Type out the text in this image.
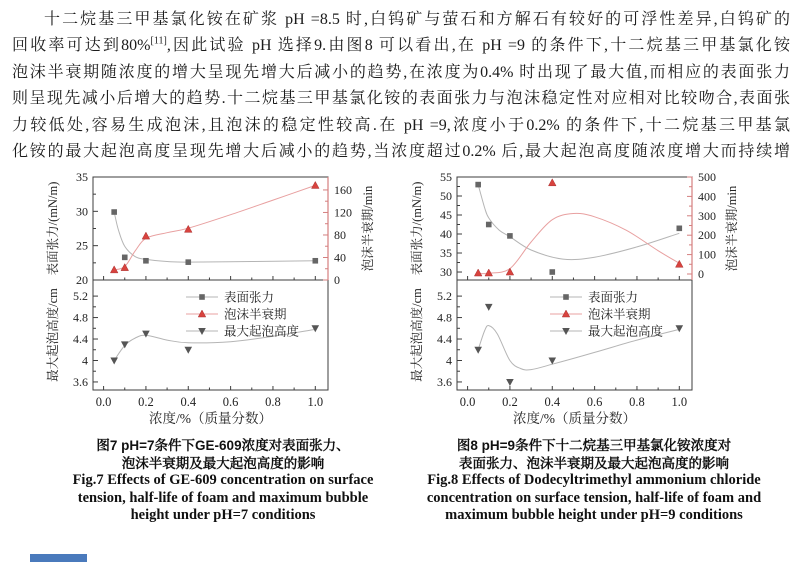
十二烷基三甲基氯化铵在矿浆 pH =8.5 时,白钨矿与萤石和方解石有较好的可浮性差异,白钨矿的
回收率可达到80%[11],因此试验 pH 选择9.由图8 可以看出,在 pH =9 的条件下,十二烷基三甲基氯化铵
泡沫半衰期随浓度的增大呈现先增大后减小的趋势,在浓度为0.4% 时出现了最大值,而相应的表面张力
则呈现先减小后增大的趋势.十二烷基三甲基氯化铵的表面张力与泡沫稳定性对应相对比较吻合,表面张
力较低处,容易生成泡沫,且泡沫的稳定性较高.在 pH =9,浓度小于0.2% 的条件下,十二烷基三甲基氯
化铵的最大起泡高度呈现先增大后减小的趋势,当浓度超过0.2% 后,最大起泡高度随浓度增大而持续增
20
25
30
35
表面张力/(mN/m)
0
40
80
120
160 泡沫半衰期/min
3.6
4
4.4
4.8
5.2
最大起泡高度/cm
0.0 0.2 0.4 0.6 0.8 1.0
浓度/%（质量分数）
表面张力
泡沫半衰期
最大起泡高度
30
35
40
45
50
55
表面张力/(mN/m)	0
100
200
300
400
500
泡沫半衰期/min
3.6
4
4.4
4.8
5.2
最大起泡高度/cm
0.0 0.2 0.4 0.6 0.8 1.0
浓度/%（质量分数）
表面张力
泡沫半衰期
最大起泡高度
图7 pH=7条件下GE-609浓度对表面张力、
泡沫半衰期及最大起泡高度的影响
Fig.7 Effects of GE-609 concentration on surface
tension, half-life of foam and maximum bubble
height under pH=7 conditions
图8 pH=9条件下十二烷基三甲基氯化铵浓度对
表面张力、泡沫半衰期及最大起泡高度的影响
Fig.8 Effects of Dodecyltrimethyl ammonium chloride
concentration on surface tension, half-life of foam and
maximum bubble height under pH=9 conditions
